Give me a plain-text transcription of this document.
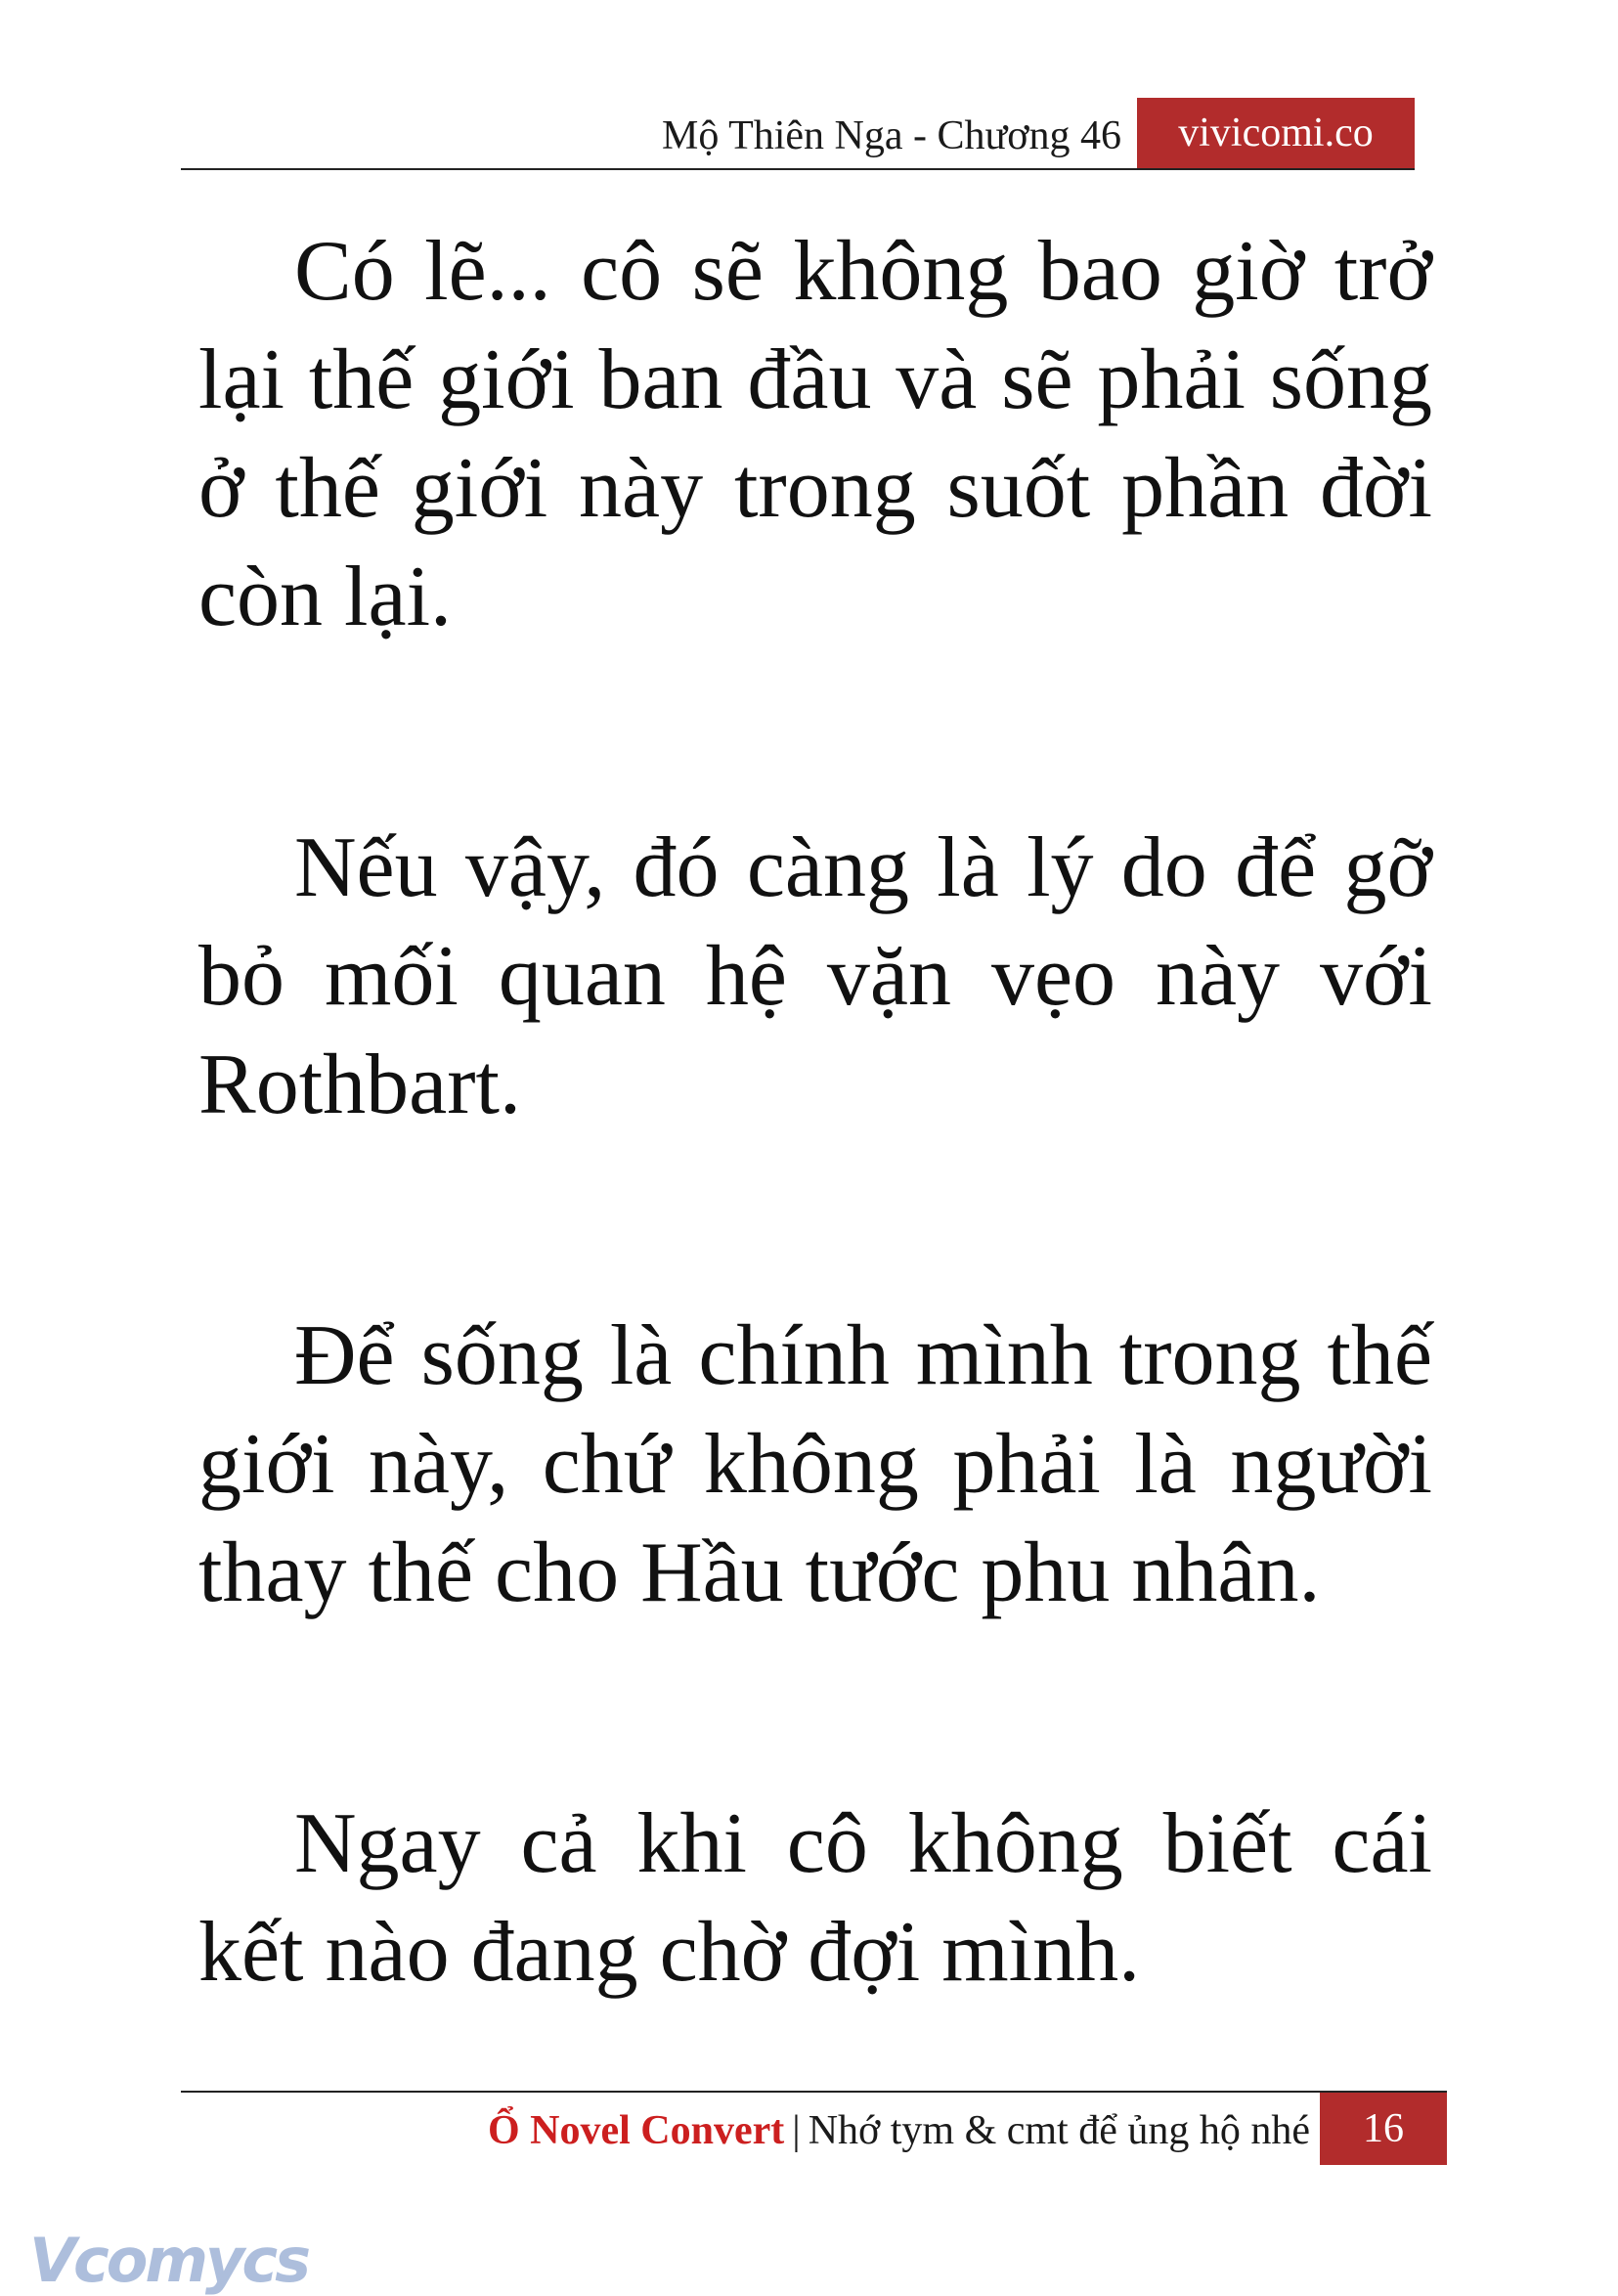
Mộ Thiên Nga - Chương 46	vivicomi.co

Có lẽ... cô sẽ không bao giờ trở lại thế giới ban đầu và sẽ phải sống ở thế giới này trong suốt phần đời còn lại.

Nếu vậy, đó càng là lý do để gỡ bỏ mối quan hệ vặn vẹo này với Rothbart.

Để sống là chính mình trong thế giới này, chứ không phải là người thay thế cho Hầu tước phu nhân.

Ngay cả khi cô không biết cái kết nào đang chờ đợi mình.

Ổ Novel Convert | Nhớ tym & cmt để ủng hộ nhé	16
Vcomycs
